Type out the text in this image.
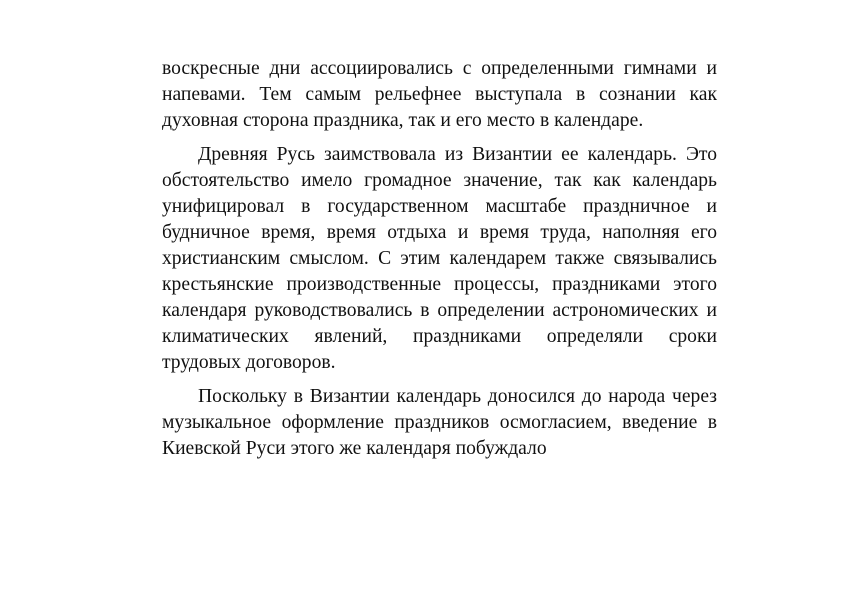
воскресные дни ассоциировались с определенными гимнами и напевами. Тем самым рельефнее выступала в сознании как духовная сторона праздника, так и его место в календаре.

Древняя Русь заимствовала из Византии ее календарь. Это обстоятельство имело громадное значение, так как календарь унифицировал в государственном масштабе праздничное и будничное время, время отдыха и время труда, наполняя его христианским смыслом. С этим календарем также связывались крестьянские производственные процессы, праздниками этого календаря руководствовались в определении астрономических и климатических явлений, праздниками определяли сроки трудовых договоров.

Поскольку в Византии календарь доносился до народа через музыкальное оформление праздников осмогласием, введение в Киевской Руси этого же календаря побуждало
